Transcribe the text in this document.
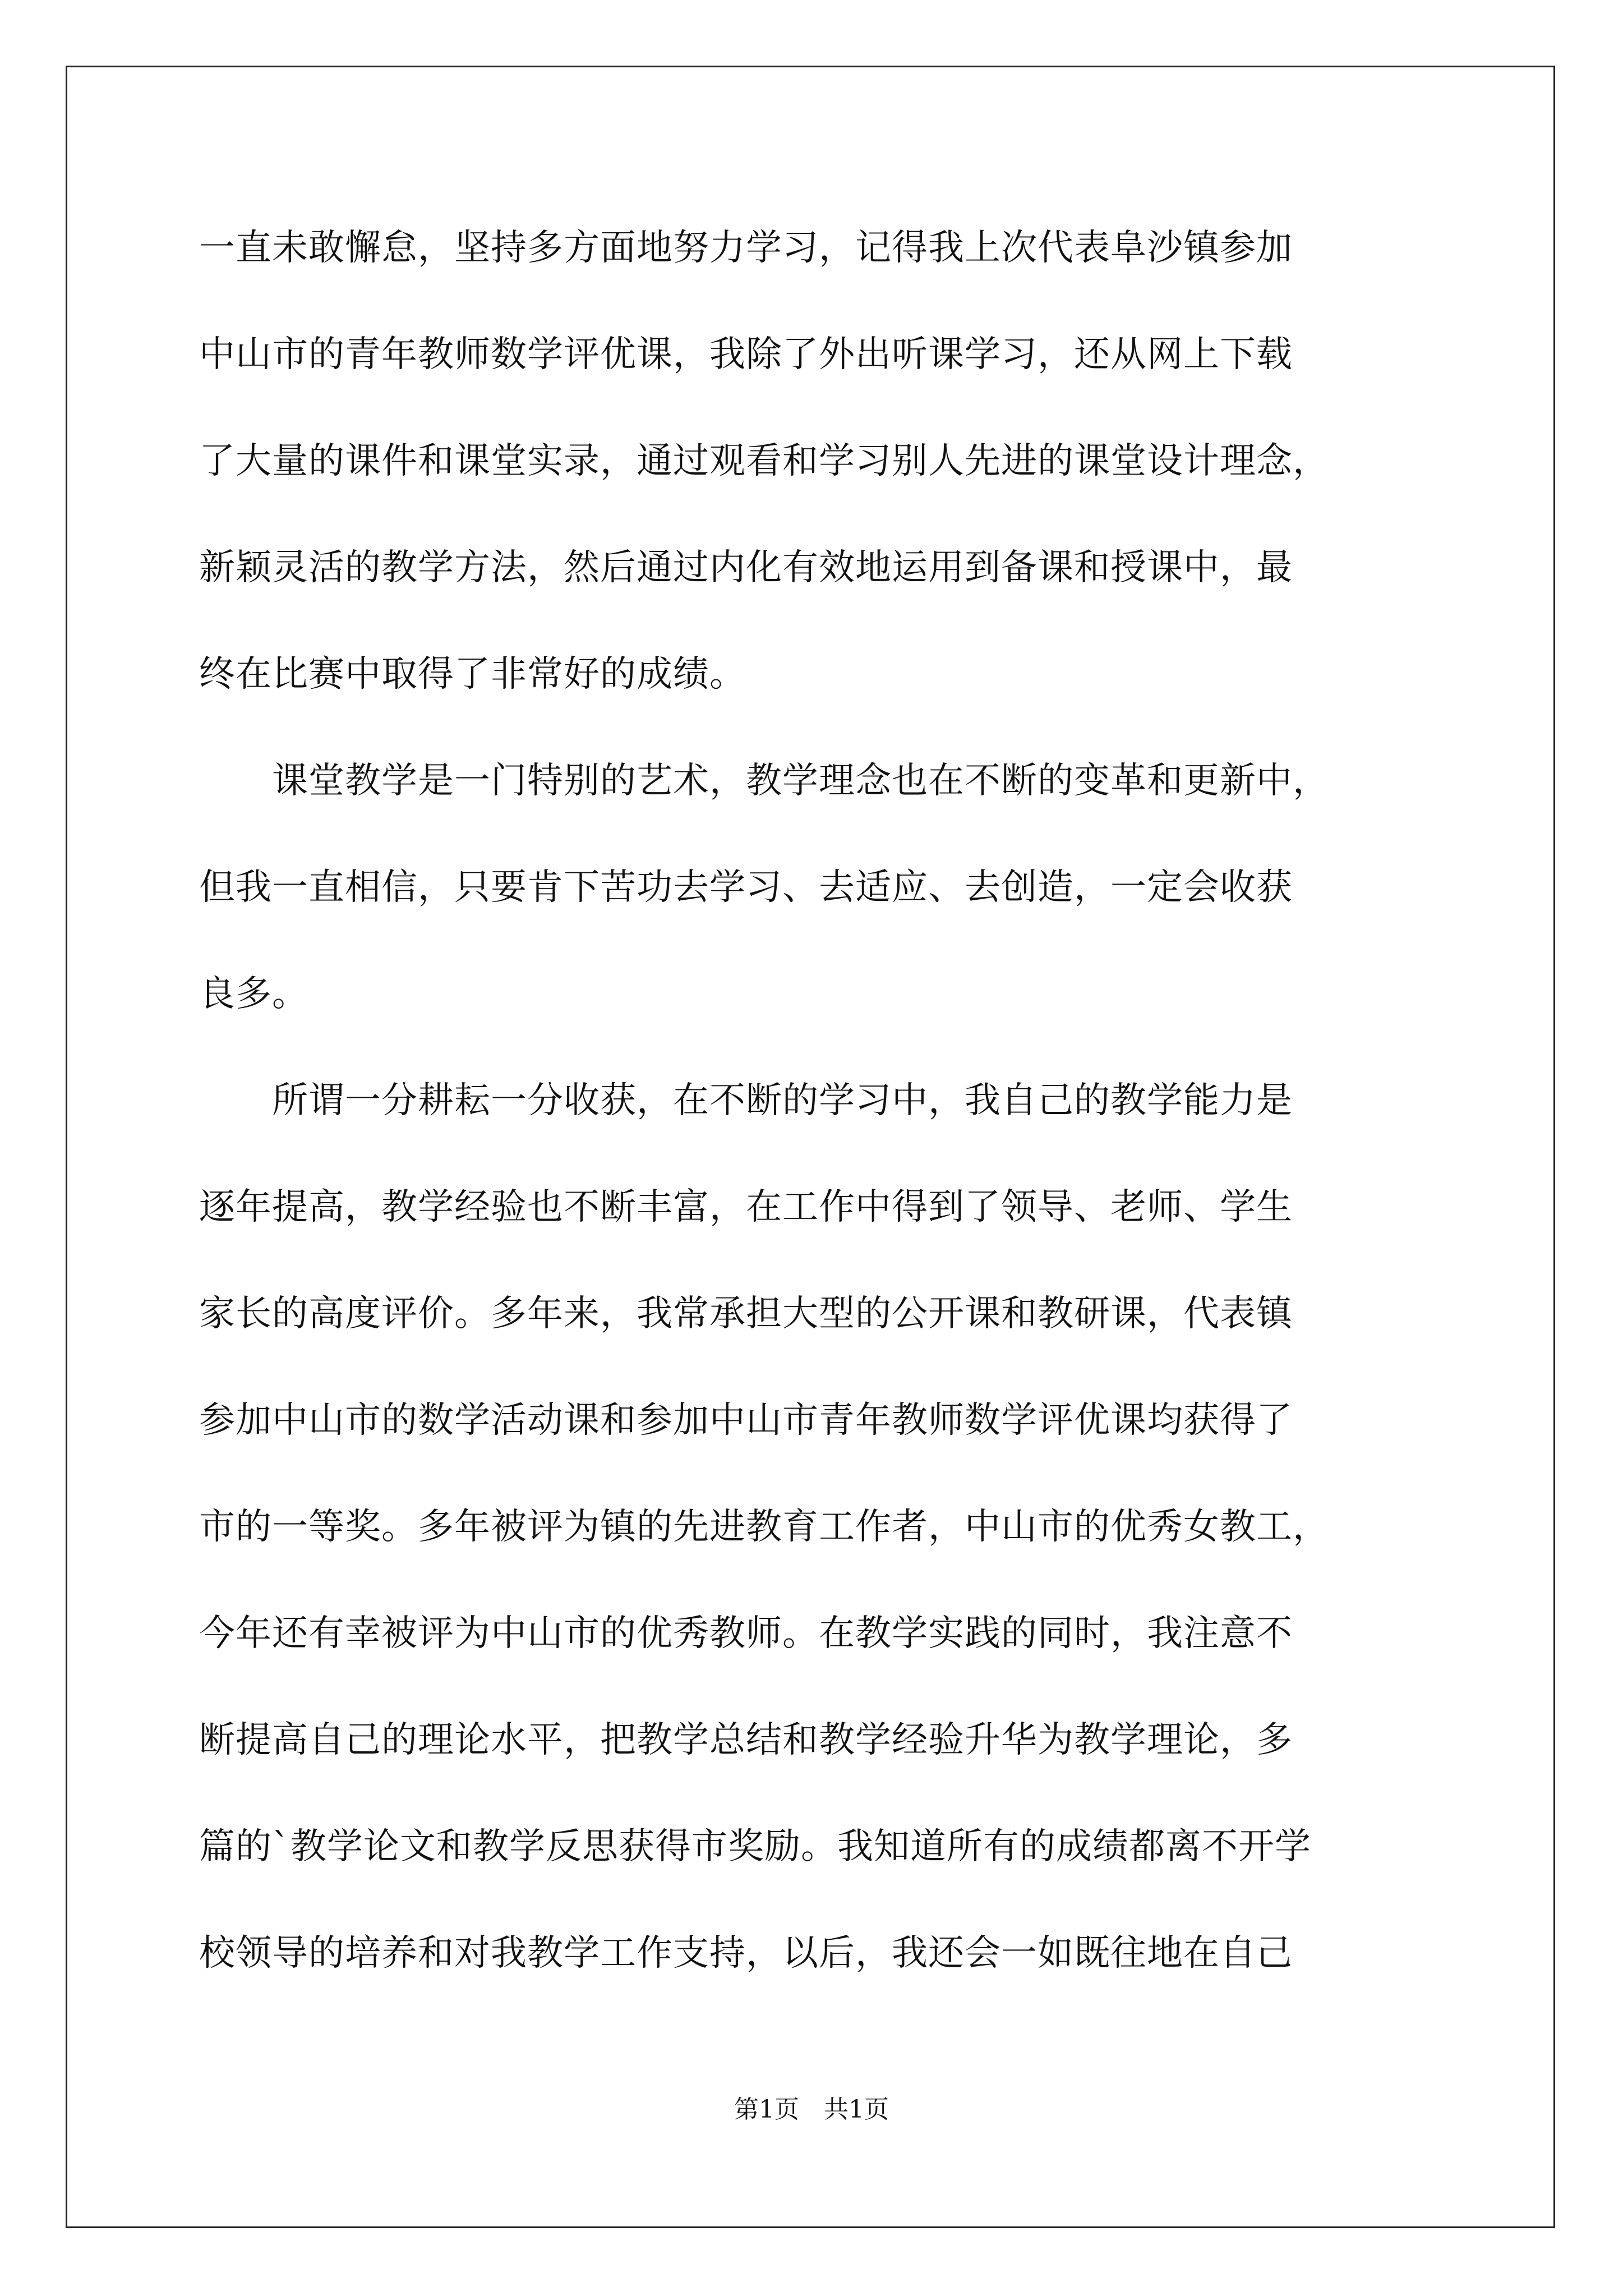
一直未敢懈怠，坚持多方面地努力学习，记得我上次代表阜沙镇参加
中山市的青年教师数学评优课，我除了外出听课学习，还从网上下载
了大量的课件和课堂实录，通过观看和学习别人先进的课堂设计理念，
新颖灵活的教学方法，然后通过内化有效地运用到备课和授课中，最
终在比赛中取得了非常好的成绩。
　　课堂教学是一门特别的艺术，教学理念也在不断的变革和更新中，
但我一直相信，只要肯下苦功去学习、去适应、去创造，一定会收获
良多。
　　所谓一分耕耘一分收获，在不断的学习中，我自己的教学能力是
逐年提高，教学经验也不断丰富，在工作中得到了领导、老师、学生
家长的高度评价。多年来，我常承担大型的公开课和教研课，代表镇
参加中山市的数学活动课和参加中山市青年教师数学评优课均获得了
市的一等奖。多年被评为镇的先进教育工作者，中山市的优秀女教工，
今年还有幸被评为中山市的优秀教师。在教学实践的同时，我注意不
断提高自己的理论水平，把教学总结和教学经验升华为教学理论，多
篇的`教学论文和教学反思获得市奖励。我知道所有的成绩都离不开学
校领导的培养和对我教学工作支持，以后，我还会一如既往地在自己
第1页　共1页
